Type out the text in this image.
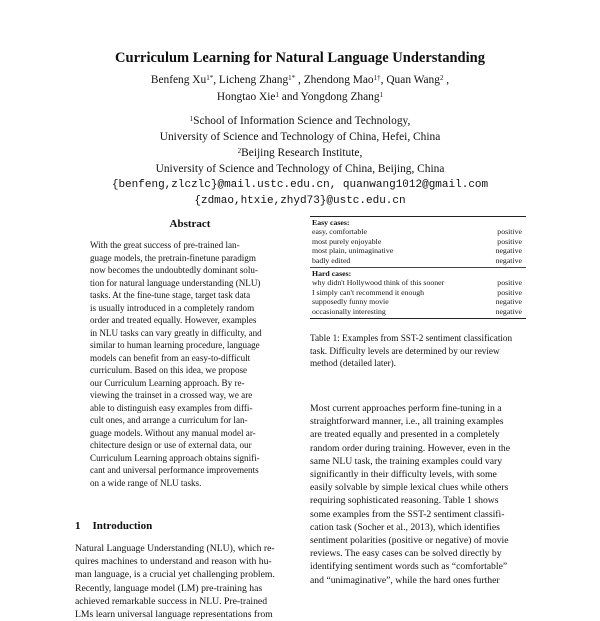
Curriculum Learning for Natural Language Understanding
Benfeng $Xu^{1*}$, Licheng Zhang$^{1*}$ , Zhendong Mao$^{1\dagger}$, Quan Wang$^2$ ,
Hongtao Xie$^1$ and Yongdong Zhang$^1$
$^1$School of Information Science and Technology,
University of Science and Technology of China, Hefei, China
$^2$Beijing Research Institute,
University of Science and Technology of China, Beijing, China
{benfeng,zlczlc}@mail.ustc.edu.cn, quanwang1012@gmail.com
{zdmao,htxie,zhyd73}@ustc.edu.cn
Abstract

With the great success of pre-trained lan-

guage models, the pretrain-finetune paradigm

now becomes the undoubtedly dominant solu-

tion for natural language understanding (NLU)

tasks. At the fine-tune stage, target task data

is usually introduced in a completely random

order and treated equally. However, examples

in NLU tasks can vary greatly in difficulty, and

similar to human learning procedure, language

models can benefit from an easy-to-difficult

curriculum. Based on this idea, we propose

our Curriculum Learning approach. By re-

viewing the trainset in a crossed way, we are

able to distinguish easy examples from diffi-

cult ones, and arrange a curriculum for lan-

guage models. Without any manual model ar-

chitecture design or use of external data, our

Curriculum Learning approach obtains signifi-

cant and universal performance improvements

on a wide range of NLU tasks.

1 Introduction

Natural Language Understanding (NLU), which re-

quires machines to understand and reason with hu-

man language, is a crucial yet challenging problem.

Recently, language model (LM) pre-training has

achieved remarkable success in NLU. Pre-trained

LMs learn universal language representations from

Easy cases:
easy, comfortable	positive
most purely enjoyable	positive
most plain, unimaginative	negative
badly edited	negative
Hard cases:
why didn't Hollywood think of this sooner	positive
I simply can't recommend it enough	positive
supposedly funny movie	negative
occasionally interesting	negative

Table 1: Examples from SST-2 sentiment classification

task. Difficulty levels are determined by our review

method (detailed later).

Most current approaches perform fine-tuning in a

straightforward manner, i.e., all training examples

are treated equally and presented in a completely

random order during training. However, even in the

same NLU task, the training examples could vary

significantly in their difficulty levels, with some

easily solvable by simple lexical clues while others

requiring sophisticated reasoning. Table 1 shows

some examples from the SST-2 sentiment classifi-

cation task (Socher et al., 2013), which identifies

sentiment polarities (positive or negative) of movie

reviews. The easy cases can be solved directly by

identifying sentiment words such as “comfortable”

and “unimaginative”, while the hard ones further
